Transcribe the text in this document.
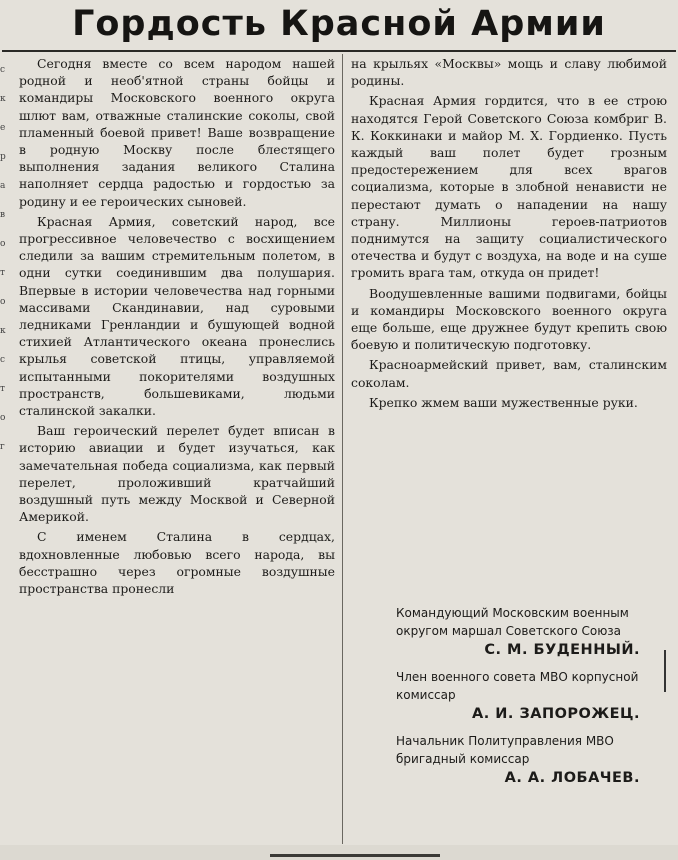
Гордость Красной Армии
с
к
е
р
а
в
о
т
о
к
с
т
о
г

Сегодня вместе со всем народом нашей родной и необ'ятной страны бойцы и командиры Московского военного округа шлют вам, отважные сталинские соколы, свой пламенный боевой привет! Ваше возвращение в родную Москву после блестящего выполнения задания великого Сталина наполняет сердца радостью и гордостью за родину и ее героических сыновей.

Красная Армия, советский народ, все прогрессивное человечество с восхищением следили за вашим стремительным полетом, в одни сутки соединившим два полушария. Впервые в истории человечества над горными массивами Скандинавии, над суровыми ледниками Гренландии и бушующей водной стихией Атлантического океана пронеслись крылья советской птицы, управляемой испытанными покорителями воздушных пространств, большевиками, людьми сталинской закалки.

Ваш героический перелет будет вписан в историю авиации и будет изучаться, как замечательная победа социализма, как первый перелет, проложивший кратчайший воздушный путь между Москвой и Северной Америкой.

С именем Сталина в сердцах, вдохновленные любовью всего народа, вы бесстрашно через огромные воздушные пространства пронесли

на крыльях «Москвы» мощь и славу любимой родины.

Красная Армия гордится, что в ее строю находятся Герой Советского Союза комбриг В. К. Коккинаки и майор М. Х. Гордиенко. Пусть каждый ваш полет будет грозным предостережением для всех врагов социализма, которые в злобной ненависти не перестают думать о нападении на нашу страну. Миллионы героев-патриотов поднимутся на защиту социалистического отечества и будут с воздуха, на воде и на суше громить врага там, откуда он придет!

Воодушевленные вашими подвигами, бойцы и командиры Московского военного округа еще больше, еще дружнее будут крепить свою боевую и политическую подготовку.

Красноармейский привет, вам, сталинским соколам.

Крепко жмем ваши мужественные руки.

Командующий Московским военным округом маршал Советского Союза
С. М. БУДЕННЫЙ.
Член военного совета МВО корпусной комиссар
А. И. ЗАПОРОЖЕЦ.
Начальник Политуправления МВО бригадный комиссар
А. А. ЛОБАЧЕВ.
